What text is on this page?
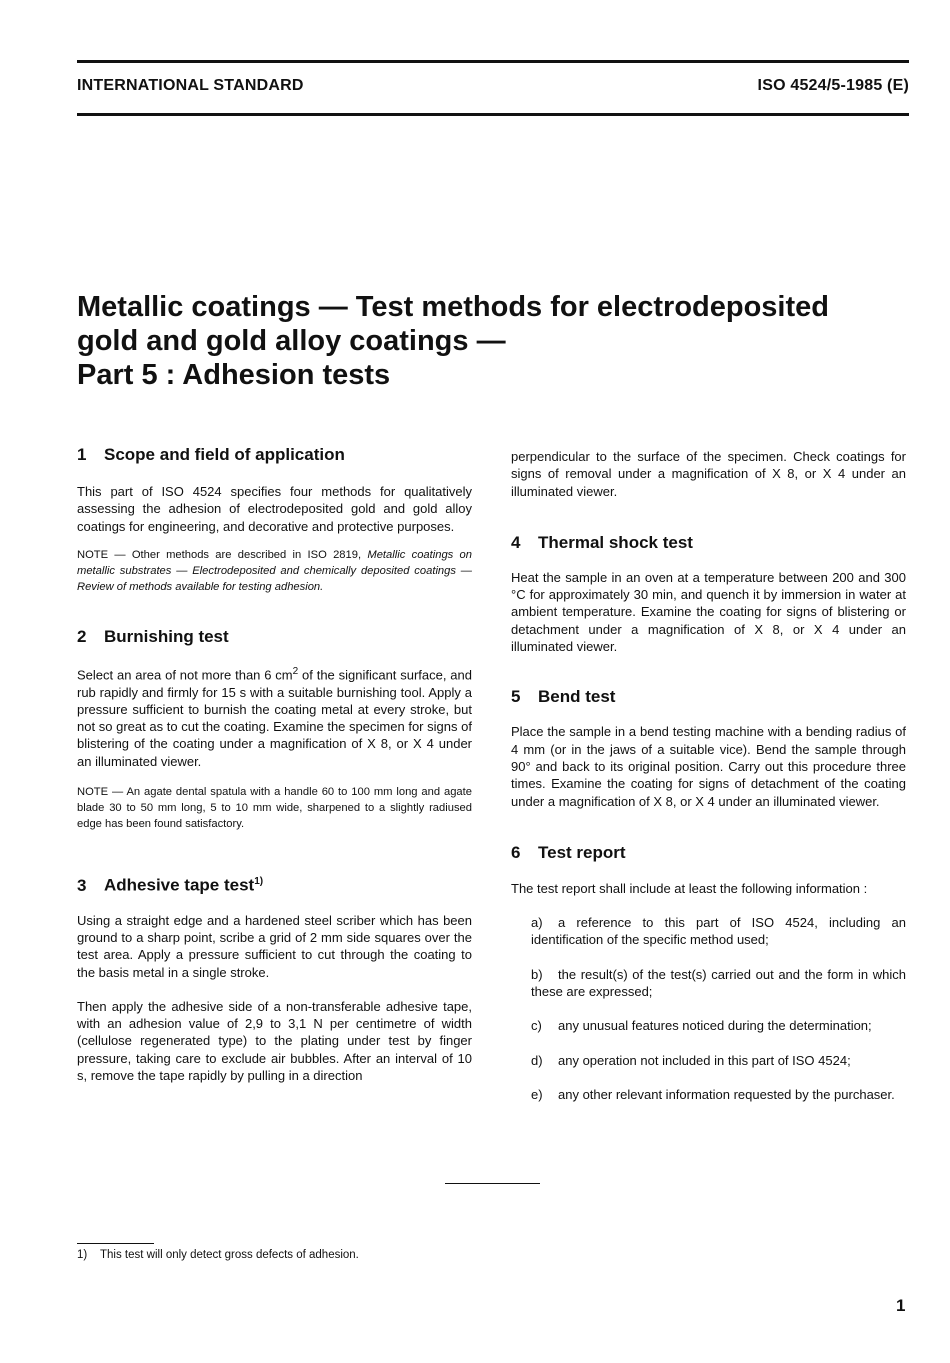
INTERNATIONAL STANDARD	ISO 4524/5-1985 (E)
Metallic coatings — Test methods for electrodeposited
gold and gold alloy coatings —
Part 5 : Adhesion tests
1 Scope and field of application

This part of ISO 4524 specifies four methods for qualitatively assessing the adhesion of electrodeposited gold and gold alloy coatings for engineering, and decorative and protective purposes.

NOTE — Other methods are described in ISO 2819, Metallic coatings on metallic substrates — Electrodeposited and chemically deposited coatings — Review of methods available for testing adhesion.

2 Burnishing test

Select an area of not more than 6 $cm^2$ of the significant surface, and rub rapidly and firmly for 15 s with a suitable burnishing tool. Apply a pressure sufficient to burnish the coating metal at every stroke, but not so great as to cut the coating. Examine the specimen for signs of blistering of the coating under a magnification of X 8, or X 4 under an illuminated viewer.

NOTE — An agate dental spatula with a handle 60 to 100 mm long and agate blade 30 to 50 mm long, 5 to 10 mm wide, sharpened to a slightly radiused edge has been found satisfactory.

3 Adhesive tape test$^{1)}$

Using a straight edge and a hardened steel scriber which has been ground to a sharp point, scribe a grid of 2 mm side squares over the test area. Apply a pressure sufficient to cut through the coating to the basis metal in a single stroke.

Then apply the adhesive side of a non-transferable adhesive tape, with an adhesion value of 2,9 to 3,1 N per centimetre of width (cellulose regenerated type) to the plating under test by finger pressure, taking care to exclude air bubbles. After an interval of 10 s, remove the tape rapidly by pulling in a direction

perpendicular to the surface of the specimen. Check coatings for signs of removal under a magnification of X 8, or X 4 under an illuminated viewer.

4 Thermal shock test

Heat the sample in an oven at a temperature between 200 and 300 °C for approximately 30 min, and quench it by immersion in water at ambient temperature. Examine the coating for signs of blistering or detachment under a magnification of X 8, or X 4 under an illuminated viewer.

5 Bend test

Place the sample in a bend testing machine with a bending radius of 4 mm (or in the jaws of a suitable vice). Bend the sample through 90° and back to its original position. Carry out this procedure three times. Examine the coating for signs of detachment of the coating under a magnification of X 8, or X 4 under an illuminated viewer.

6 Test report

The test report shall include at least the following information :

a) a reference to this part of ISO 4524, including an identification of the specific method used;

b) the result(s) of the test(s) carried out and the form in which these are expressed;

c) any unusual features noticed during the determination;

d) any operation not included in this part of ISO 4524;

e) any other relevant information requested by the purchaser.

1) This test will only detect gross defects of adhesion.
1
